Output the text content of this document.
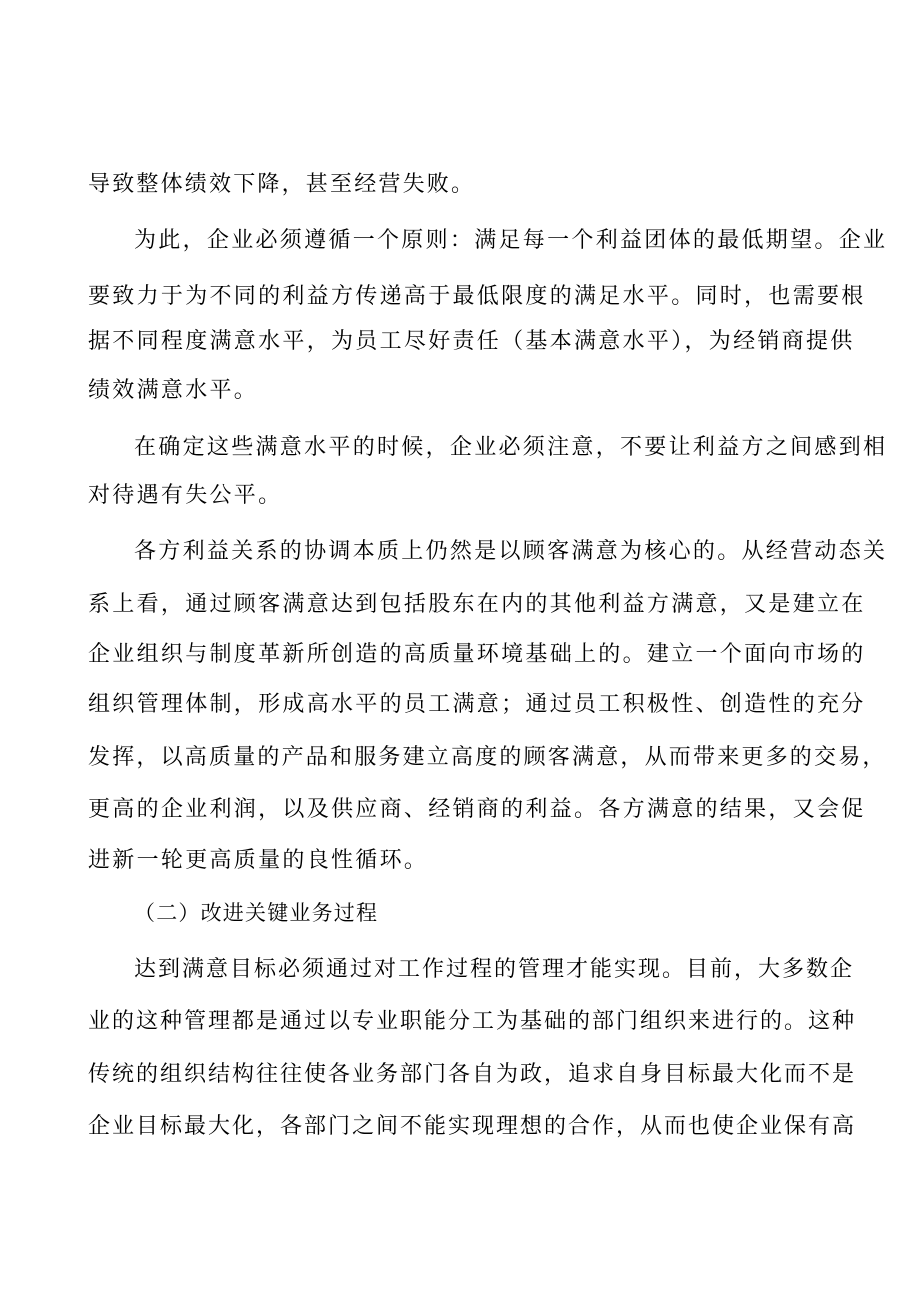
导致整体绩效下降，甚至经营失败。
为此，企业必须遵循一个原则：满足每一个利益团体的最低期望。企业
要致力于为不同的利益方传递高于最低限度的满足水平。同时，也需要根
据不同程度满意水平，为员工尽好责任（基本满意水平），为经销商提供
绩效满意水平。
在确定这些满意水平的时候，企业必须注意，不要让利益方之间感到相
对待遇有失公平。
各方利益关系的协调本质上仍然是以顾客满意为核心的。从经营动态关
系上看，通过顾客满意达到包括股东在内的其他利益方满意，又是建立在
企业组织与制度革新所创造的高质量环境基础上的。建立一个面向市场的
组织管理体制，形成高水平的员工满意；通过员工积极性、创造性的充分
发挥，以高质量的产品和服务建立高度的顾客满意，从而带来更多的交易，
更高的企业利润，以及供应商、经销商的利益。各方满意的结果，又会促
进新一轮更高质量的良性循环。
（二）改进关键业务过程
达到满意目标必须通过对工作过程的管理才能实现。目前，大多数企
业的这种管理都是通过以专业职能分工为基础的部门组织来进行的。这种
传统的组织结构往往使各业务部门各自为政，追求自身目标最大化而不是
企业目标最大化，各部门之间不能实现理想的合作，从而也使企业保有高
